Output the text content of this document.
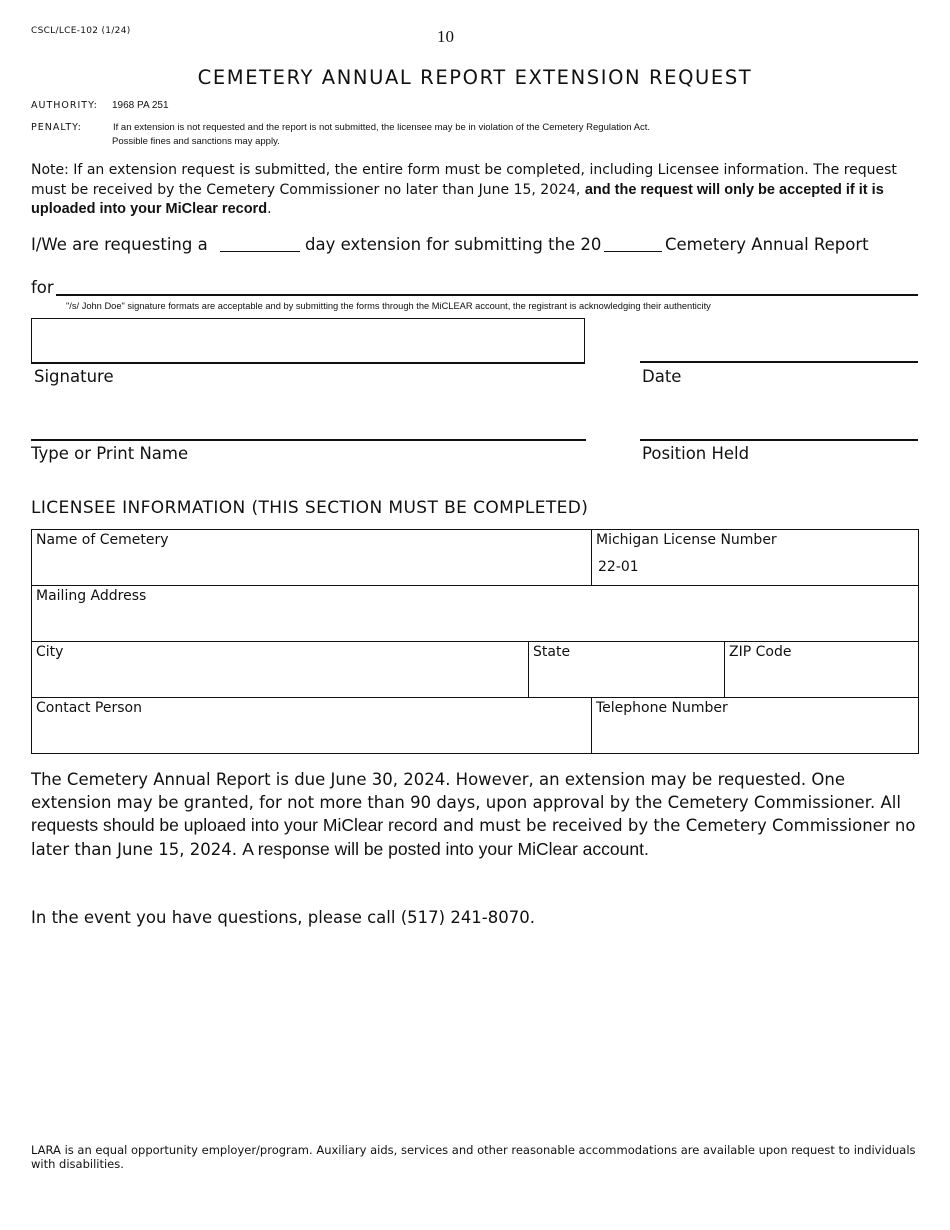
CSCL/LCE-102 (1/24)	10
CEMETERY ANNUAL REPORT EXTENSION REQUEST
AUTHORITY: 1968 PA 251
PENALTY:	If an extension is not requested and the report is not submitted, the licensee may be in violation of the Cemetery Regulation Act.
Possible fines and sanctions may apply.
Note: If an extension request is submitted, the entire form must be completed, including Licensee information. The request must be received by the Cemetery Commissioner no later than June 15, 2024, and the request will only be accepted if it is uploaded into your MiClear record.
I/We are requesting a	day extension for submitting the 20	Cemetery Annual Report
for
"/s/ John Doe" signature formats are acceptable and by submitting the forms through the MiCLEAR account, the registrant is acknowledging their authenticity
Signature	Date
Type or Print Name	Position Held
LICENSEE INFORMATION (THIS SECTION MUST BE COMPLETED)
Name of Cemetery	Michigan License Number
22-01
Mailing Address
City	State	ZIP Code
Contact Person	Telephone Number
The Cemetery Annual Report is due June 30, 2024. However, an extension may be requested. One extension may be granted, for not more than 90 days, upon approval by the Cemetery Commissioner. All requests should be uploaed into your MiClear record and must be received by the Cemetery Commissioner no later than June 15, 2024. A response will be posted into your MiClear account.
In the event you have questions, please call (517) 241-8070.
LARA is an equal opportunity employer/program. Auxiliary aids, services and other reasonable accommodations are available upon request to individuals with disabilities.
